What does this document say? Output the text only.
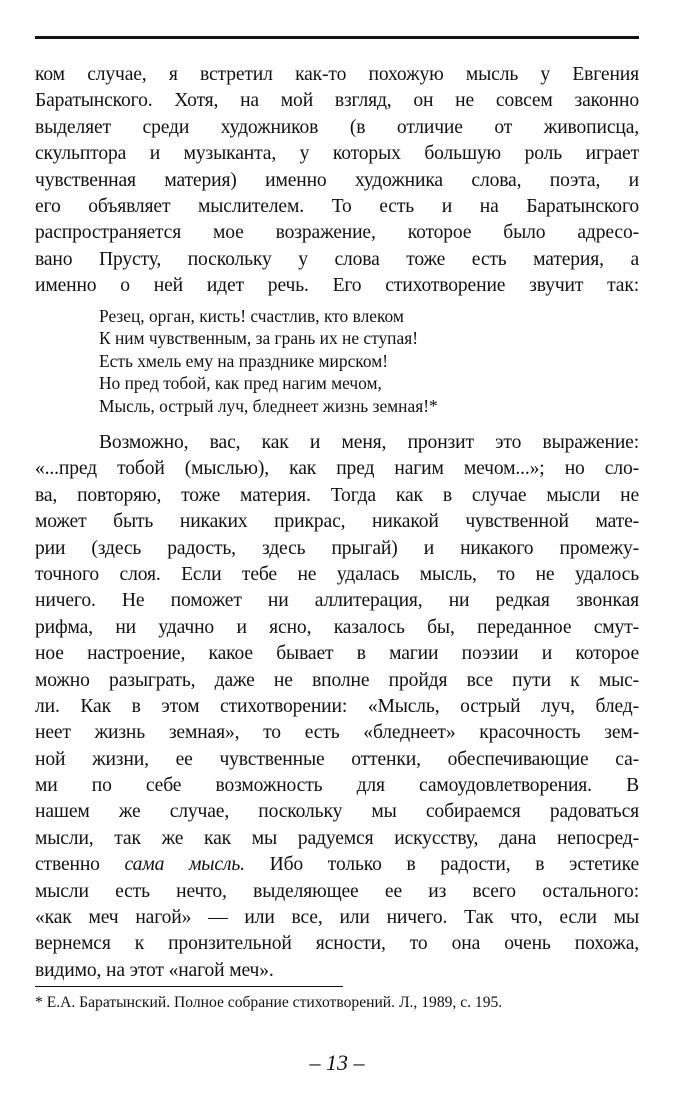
ком случае, я встретил как-то похожую мысль у Евгения
Баратынского. Хотя, на мой взгляд, он не совсем законно
выделяет среди художников (в отличие от живописца,
скульптора и музыканта, у которых большую роль играет
чувственная материя) именно художника слова, поэта, и
его объявляет мыслителем. То есть и на Баратынского
распространяется мое возражение, которое было адресо-
вано Прусту, поскольку у слова тоже есть материя, а
именно о ней идет речь. Его стихотворение звучит так:
Резец, орган, кисть! счастлив, кто влеком
К ним чувственным, за грань их не ступая!
Есть хмель ему на празднике мирском!
Но пред тобой, как пред нагим мечом,
Мысль, острый луч, бледнеет жизнь земная!*
Возможно, вас, как и меня, пронзит это выражение:
«...пред тобой (мыслью), как пред нагим мечом...»; но сло-
ва, повторяю, тоже материя. Тогда как в случае мысли не
может быть никаких прикрас, никакой чувственной мате-
рии (здесь радость, здесь прыгай) и никакого промежу-
точного слоя. Если тебе не удалась мысль, то не удалось
ничего. Не поможет ни аллитерация, ни редкая звонкая
рифма, ни удачно и ясно, казалось бы, переданное смут-
ное настроение, какое бывает в магии поэзии и которое
можно разыграть, даже не вполне пройдя все пути к мыс-
ли. Как в этом стихотворении: «Мысль, острый луч, блед-
неет жизнь земная», то есть «бледнеет» красочность зем-
ной жизни, ее чувственные оттенки, обеспечивающие са-
ми по себе возможность для самоудовлетворения. В
нашем же случае, поскольку мы собираемся радоваться
мысли, так же как мы радуемся искусству, дана непосред-
ственно сама мысль. Ибо только в радости, в эстетике
мысли есть нечто, выделяющее ее из всего остального:
«как меч нагой» — или все, или ничего. Так что, если мы
вернемся к пронзительной ясности, то она очень похожа,
видимо, на этот «нагой меч».
* Е.А. Баратынский. Полное собрание стихотворений. Л., 1989, с. 195.
– 13 –
